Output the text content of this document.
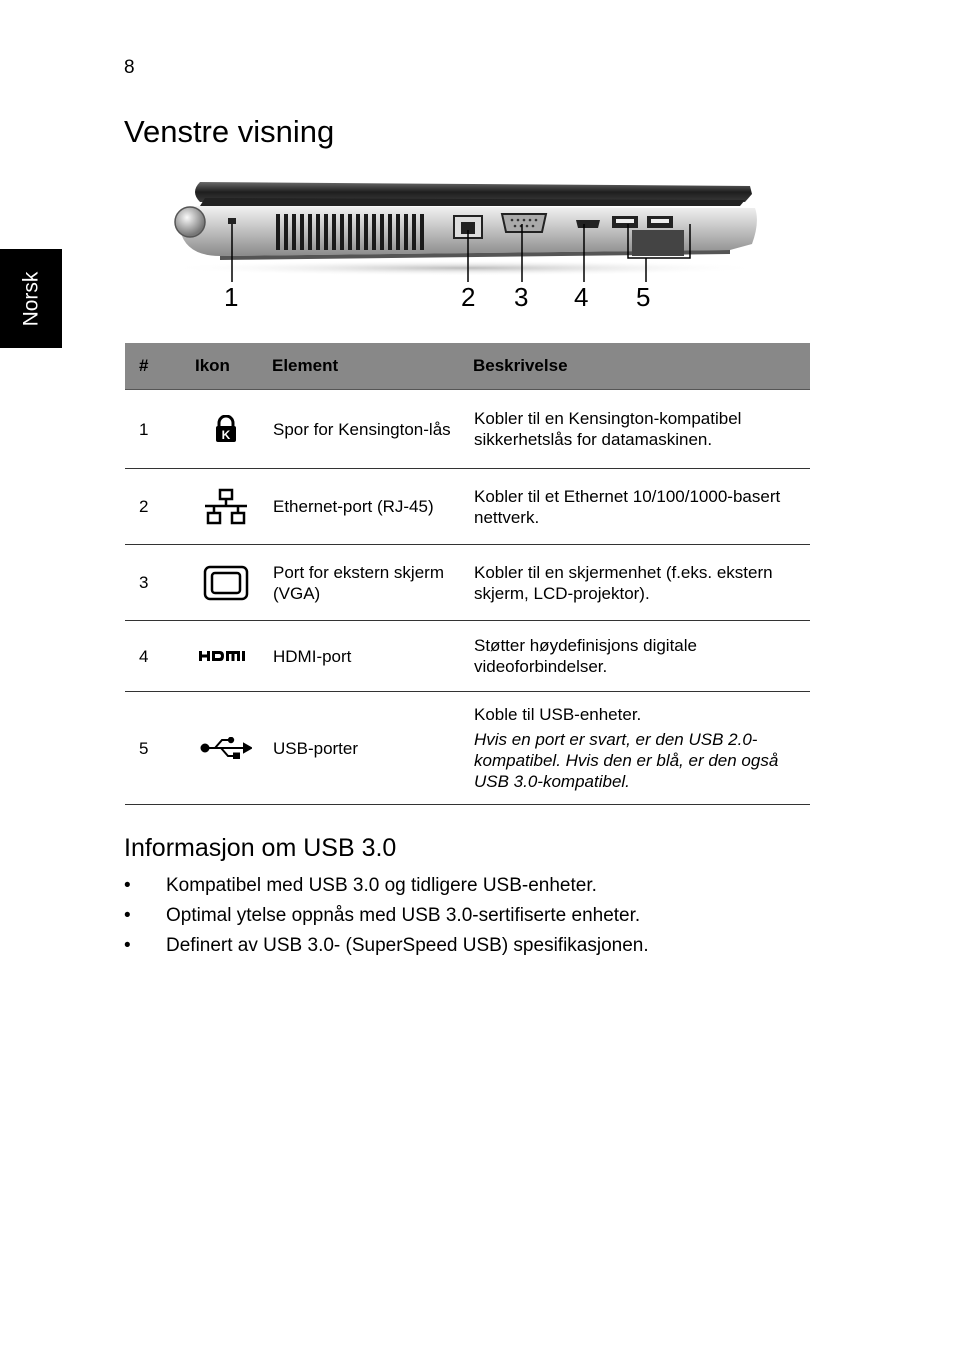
8
Norsk
Venstre visning
1	2 3 4 5
#	Ikon	Element	Beskrivelse
1	K	Spor for Kensington-lås	Kobler til en Kensington-kompatibel sikkerhetslås for datamaskinen.

2		Ethernet-port (RJ-45)	Kobler til et Ethernet 10/100/1000-basert nettverk.

3		Port for ekstern skjerm (VGA)	Kobler til en skjermenhet (f.eks. ekstern skjerm, LCD-projektor).

4		HDMI-port	Støtter høydefinisjons digitale videoforbindelser.

5		USB-porter	Koble til USB-enheter.
Hvis en port er svart, er den USB 2.0-kompatibel. Hvis den er blå, er den også USB 3.0-kompatibel.
Informasjon om USB 3.0
• Kompatibel med USB 3.0 og tidligere USB-enheter.
• Optimal ytelse oppnås med USB 3.0-sertifiserte enheter.
• Definert av USB 3.0- (SuperSpeed USB) spesifikasjonen.
